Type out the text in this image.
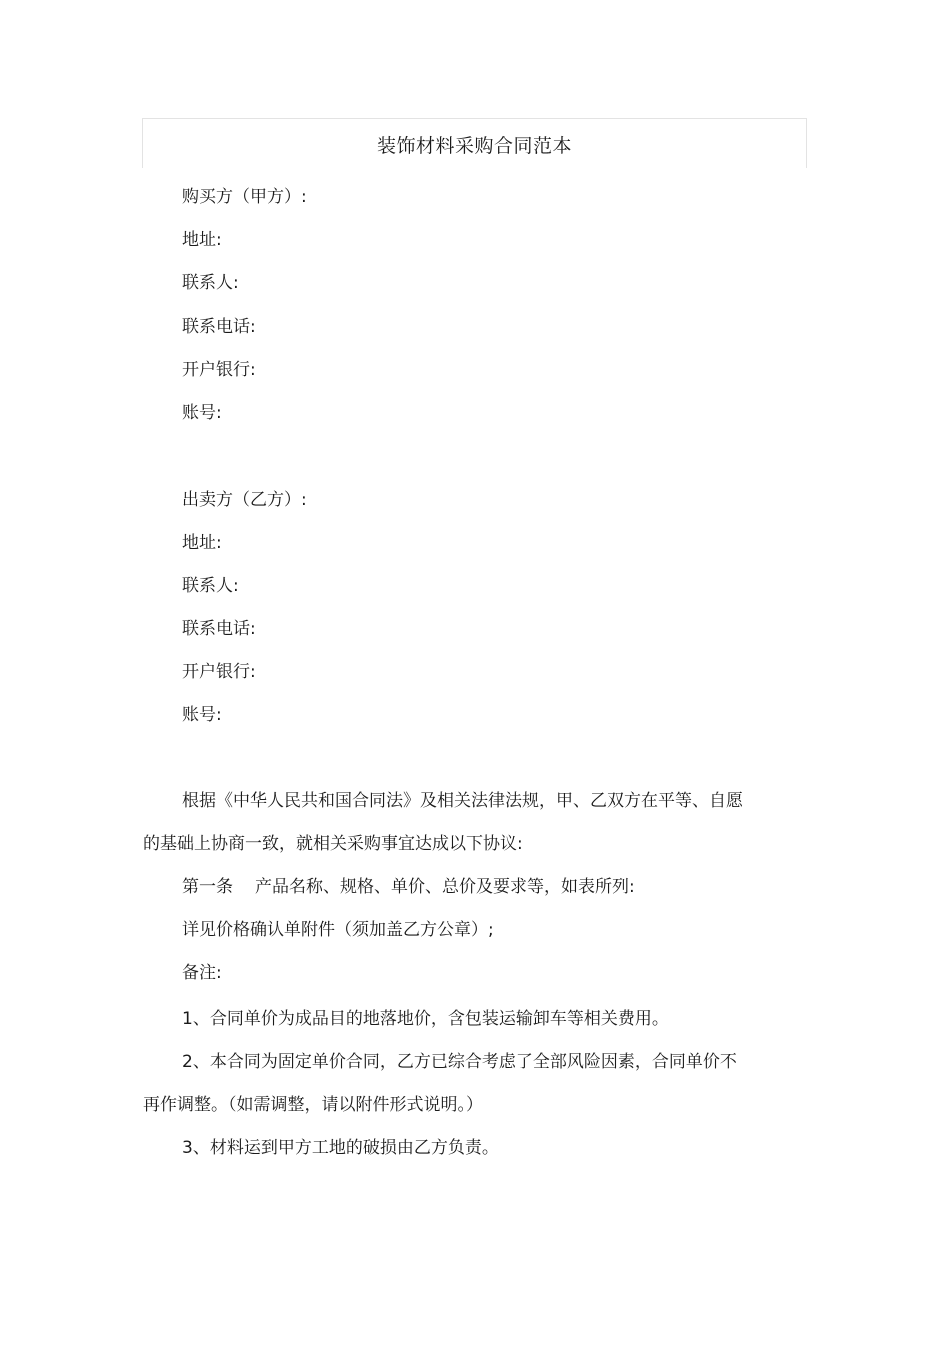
装饰材料采购合同范本
购买方（甲方）:
地址:
联系人:
联系电话:
开户银行:
账号:
出卖方（乙方）:
地址:
联系人:
联系电话:
开户银行:
账号:
根据《中华人民共和国合同法》及相关法律法规，甲、乙双方在平等、自愿
的基础上协商一致，就相关采购事宜达成以下协议:
第一条 产品名称、规格、单价、总价及要求等，如表所列:
详见价格确认单附件（须加盖乙方公章）;
备注:
1、合同单价为成品目的地落地价，含包装运输卸车等相关费用。
2、本合同为固定单价合同，乙方已综合考虑了全部风险因素，合同单价不
再作调整。（如需调整，请以附件形式说明。）
3、材料运到甲方工地的破损由乙方负责。
